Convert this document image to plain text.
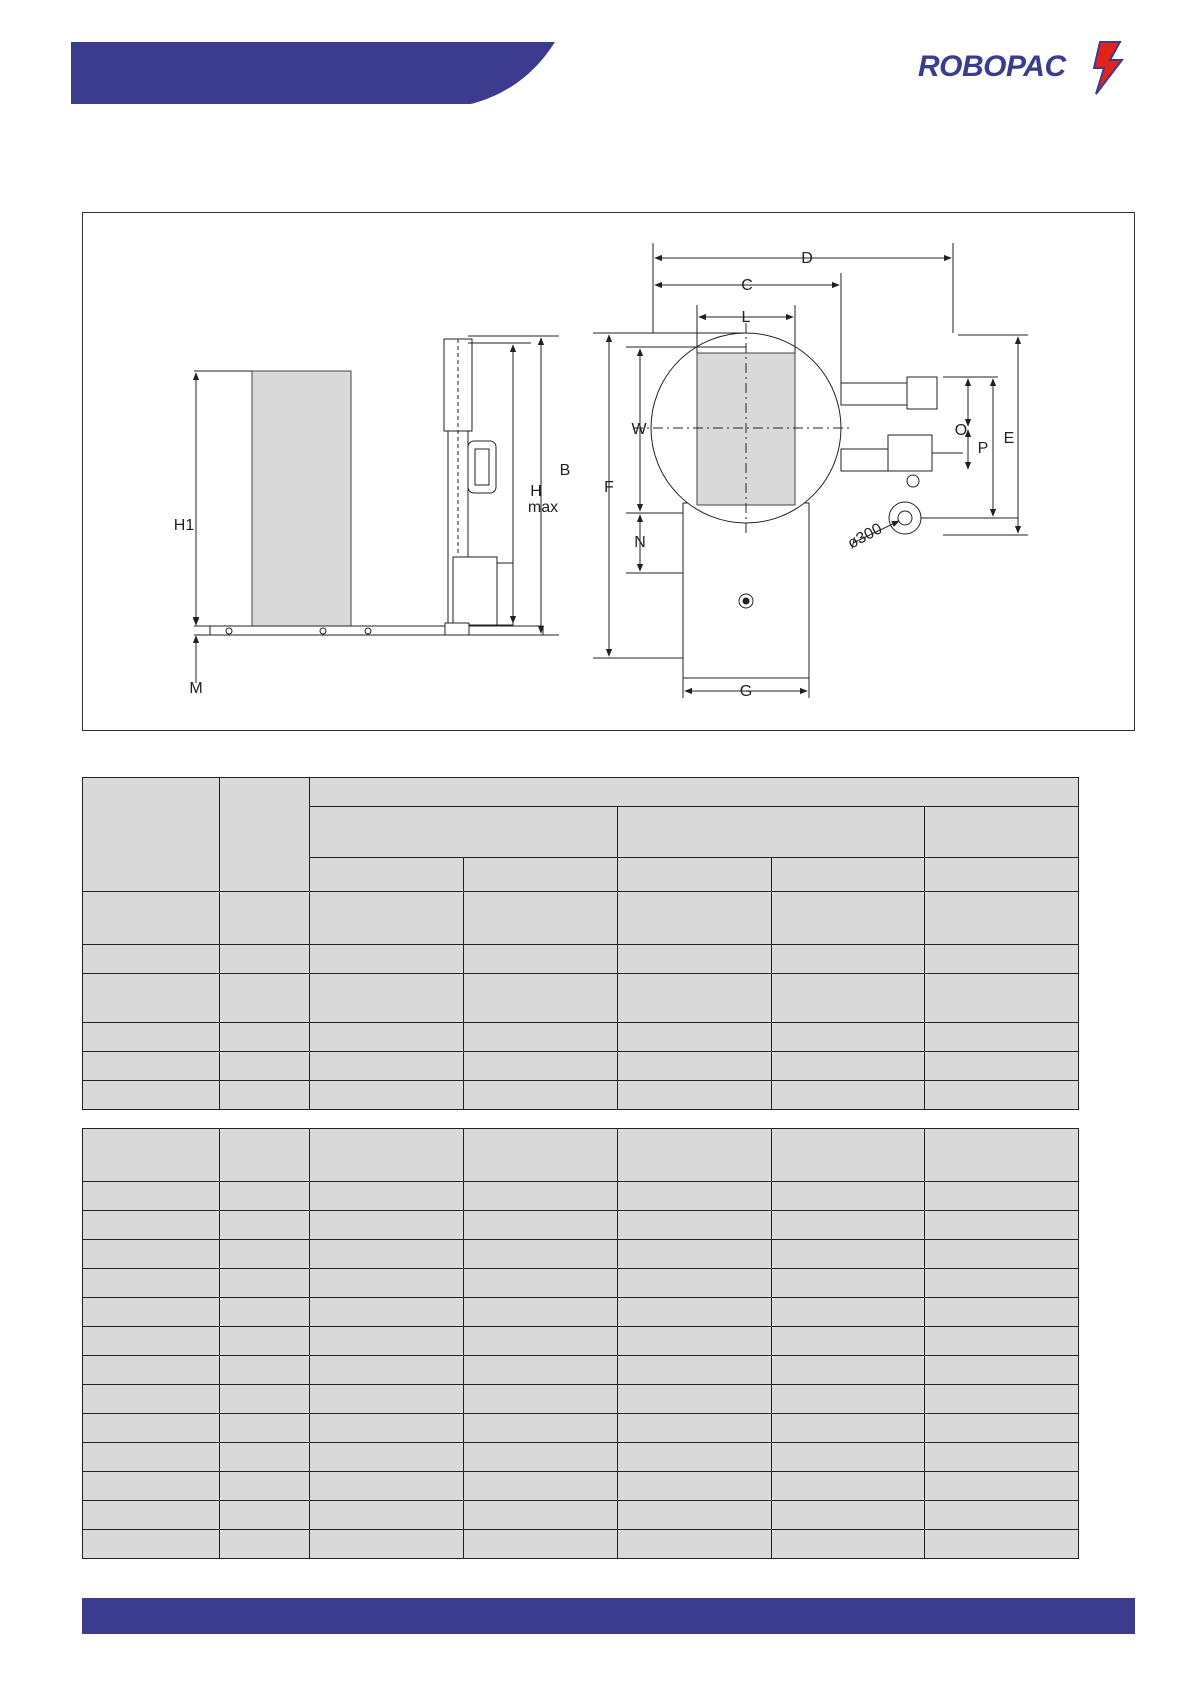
ROBOPAC
H1
M
H
max
B
D
C
L
W
F
N
G
O
P
E
ø300
